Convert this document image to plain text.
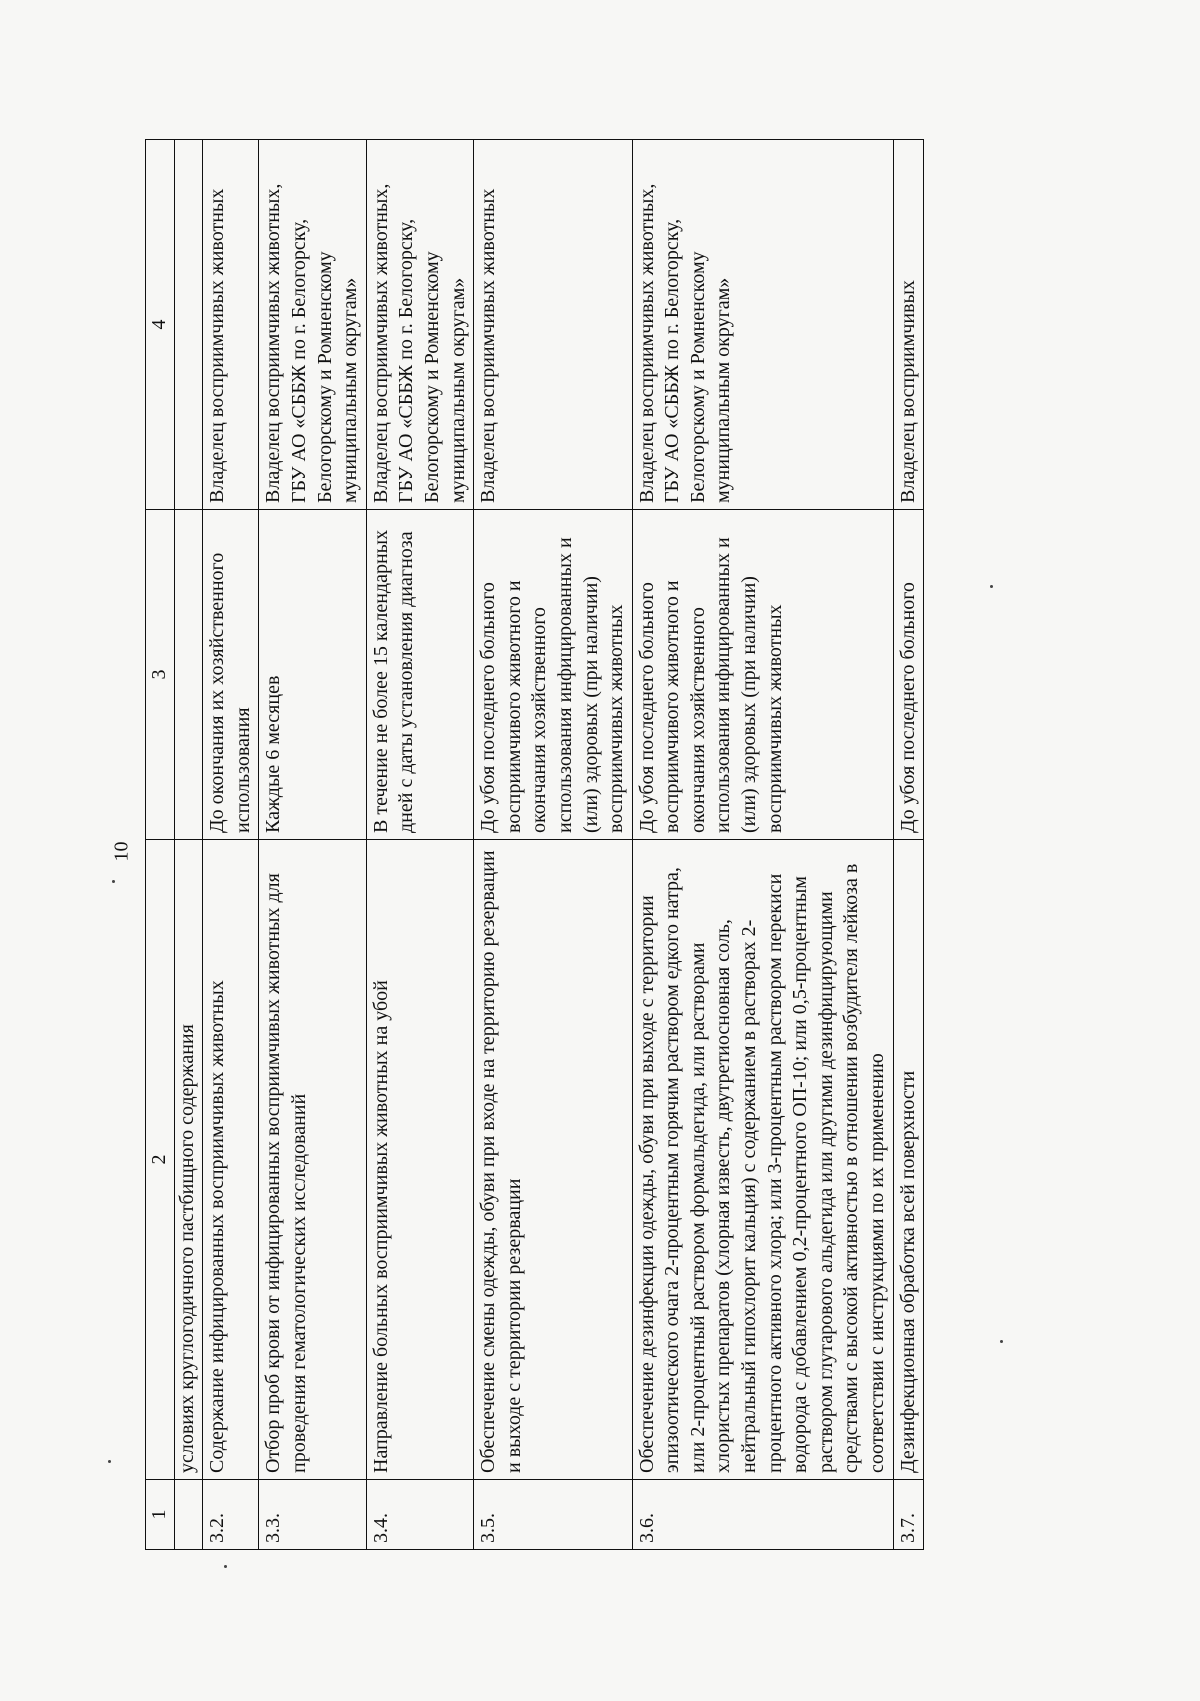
10
1	2	3	4
	условиях круглогодичного пастбищного содержания		
3.2.	Содержание инфицированных восприимчивых животных	До окончания их хозяйственного использования	Владелец восприимчивых животных
3.3.	Отбор проб крови от инфицированных восприимчивых животных для проведения гематологических исследований	Каждые 6 месяцев	Владелец восприимчивых животных, ГБУ АО «СББЖ по г. Белогорску, Белогорскому и Ромненскому муниципальным округам»
3.4.	Направление больных восприимчивых животных на убой	В течение не более 15 календарных дней с даты установления диагноза	Владелец восприимчивых животных, ГБУ АО «СББЖ по г. Белогорску, Белогорскому и Ромненскому муниципальным округам»
3.5.	Обеспечение смены одежды, обуви при входе на территорию резервации и выходе с территории резервации	До убоя последнего больного восприимчивого животного и окончания хозяйственного использования инфицированных и (или) здоровых (при наличии) восприимчивых животных	Владелец восприимчивых животных
3.6.	Обеспечение дезинфекции одежды, обуви при выходе с территории эпизоотического очага 2-процентным горячим раствором едкого натра, или 2-процентный раствором формальдегида, или растворами хлористых препаратов (хлорная известь, двутретиосновная соль, нейтральный гипохлорит кальция) с содержанием в растворах 2-процентного активного хлора; или 3-процентным раствором перекиси водорода с добавлением 0,2-процентного ОП-10; или 0,5-процентным раствором глутарового альдегида или другими дезинфицирующими средствами с высокой активностью в отношении возбудителя лейкоза в соответствии с инструкциями по их применению	До убоя последнего больного восприимчивого животного и окончания хозяйственного использования инфицированных и (или) здоровых (при наличии) восприимчивых животных	Владелец восприимчивых животных, ГБУ АО «СББЖ по г. Белогорску, Белогорскому и Ромненскому муниципальным округам»
3.7.	Дезинфекционная обработка всей поверхности	До убоя последнего больного	Владелец восприимчивых
